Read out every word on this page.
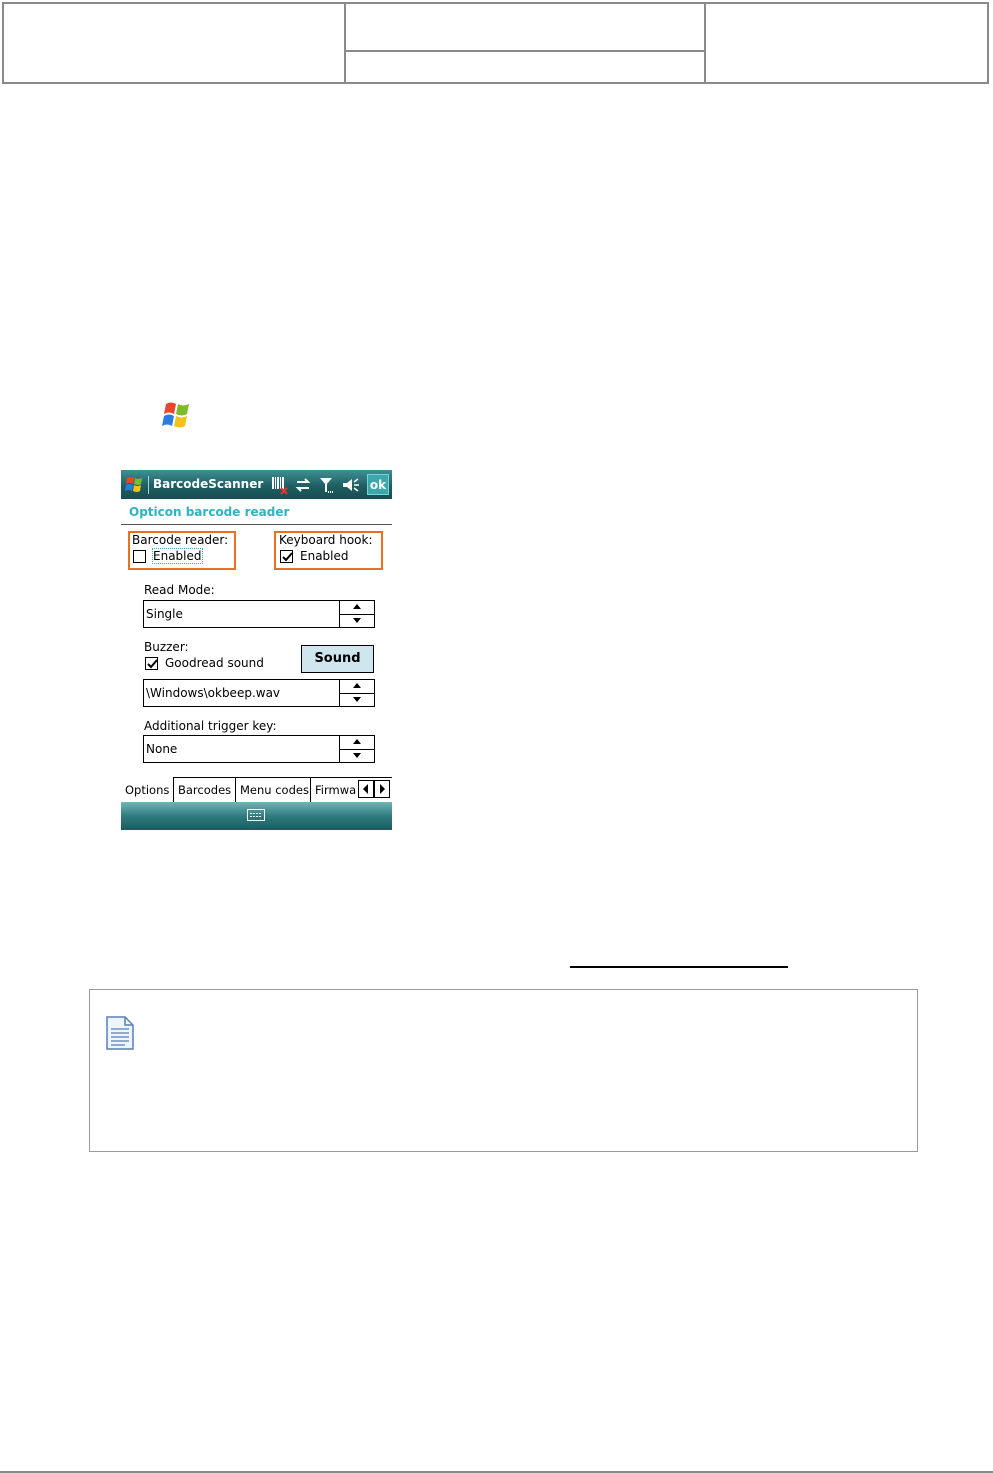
BarcodeScanner	ok
Opticon barcode reader
Barcode reader:
Enabled
Keyboard hook:
Enabled
Read Mode:
Single
Buzzer:
Goodread sound	Sound
\Windows\okbeep.wav
Additional trigger key:
None
Options Barcodes Menu codes Firmwa
